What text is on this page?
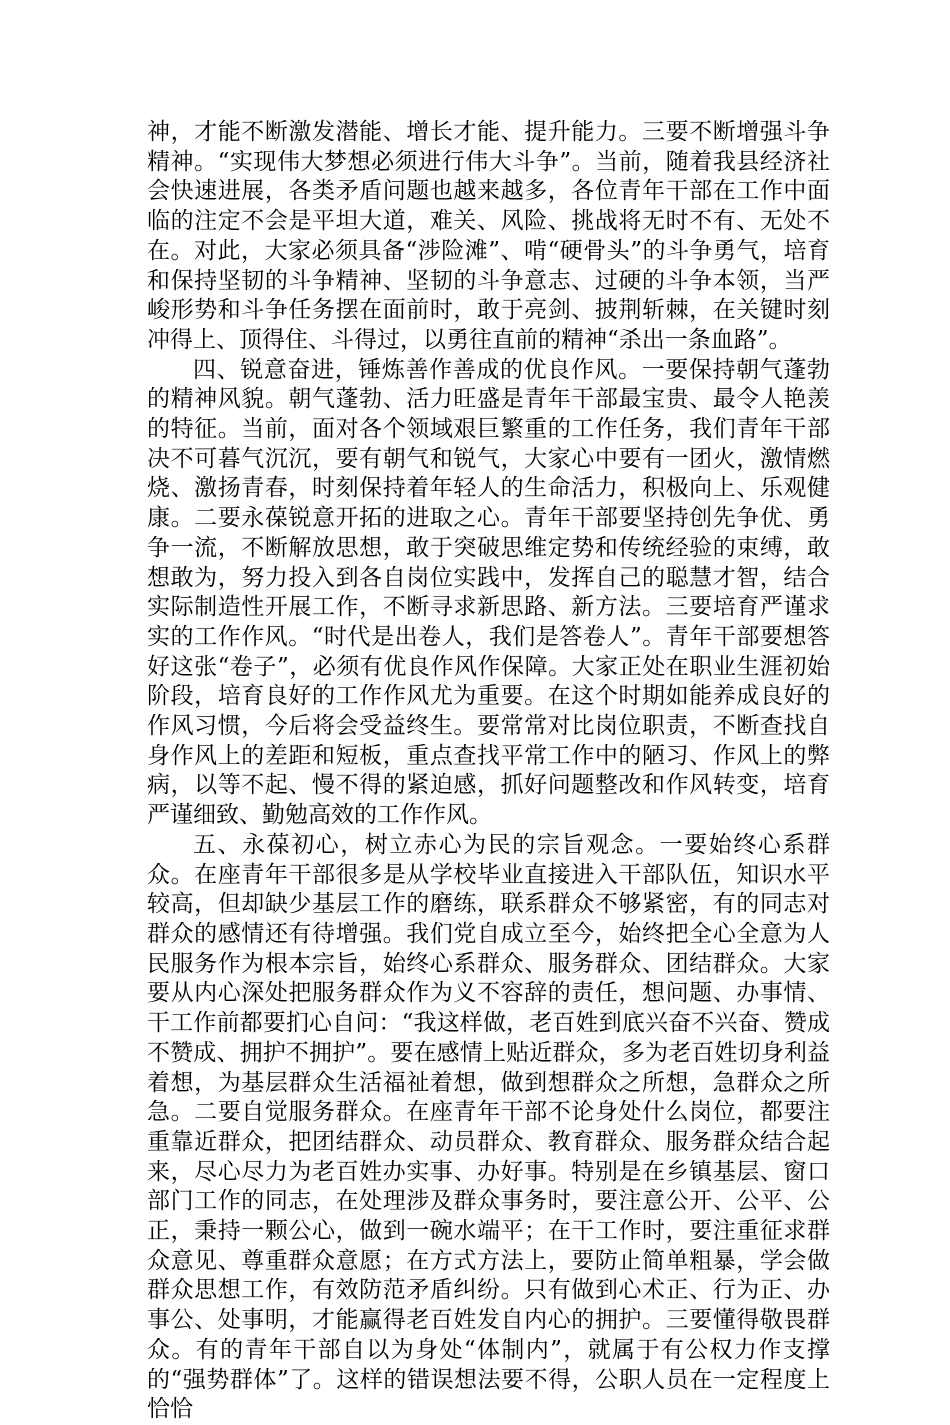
神，才能不断激发潜能、增长才能、提升能力。三要不断增强斗争精神。“实现伟大梦想必须进行伟大斗争”。当前，随着我县经济社会快速进展，各类矛盾问题也越来越多，各位青年干部在工作中面临的注定不会是平坦大道，难关、风险、挑战将无时不有、无处不在。对此，大家必须具备“涉险滩”、啃“硬骨头”的斗争勇气，培育和保持坚韧的斗争精神、坚韧的斗争意志、过硬的斗争本领，当严峻形势和斗争任务摆在面前时，敢于亮剑、披荆斩棘，在关键时刻冲得上、顶得住、斗得过，以勇往直前的精神“杀出一条血路”。

四、锐意奋进，锤炼善作善成的优良作风。一要保持朝气蓬勃的精神风貌。朝气蓬勃、活力旺盛是青年干部最宝贵、最令人艳羡的特征。当前，面对各个领域艰巨繁重的工作任务，我们青年干部决不可暮气沉沉，要有朝气和锐气，大家心中要有一团火，激情燃烧、激扬青春，时刻保持着年轻人的生命活力，积极向上、乐观健康。二要永葆锐意开拓的进取之心。青年干部要坚持创先争优、勇争一流，不断解放思想，敢于突破思维定势和传统经验的束缚，敢想敢为，努力投入到各自岗位实践中，发挥自己的聪慧才智，结合实际制造性开展工作，不断寻求新思路、新方法。三要培育严谨求实的工作作风。“时代是出卷人，我们是答卷人”。青年干部要想答好这张“卷子”，必须有优良作风作保障。大家正处在职业生涯初始阶段，培育良好的工作作风尤为重要。在这个时期如能养成良好的作风习惯，今后将会受益终生。要常常对比岗位职责，不断查找自身作风上的差距和短板，重点查找平常工作中的陋习、作风上的弊病，以等不起、慢不得的紧迫感，抓好问题整改和作风转变，培育严谨细致、勤勉高效的工作作风。

五、永葆初心，树立赤心为民的宗旨观念。一要始终心系群众。在座青年干部很多是从学校毕业直接进入干部队伍，知识水平较高，但却缺少基层工作的磨练，联系群众不够紧密，有的同志对群众的感情还有待增强。我们党自成立至今，始终把全心全意为人民服务作为根本宗旨，始终心系群众、服务群众、团结群众。大家要从内心深处把服务群众作为义不容辞的责任，想问题、办事情、干工作前都要扪心自问：“我这样做，老百姓到底兴奋不兴奋、赞成不赞成、拥护不拥护”。要在感情上贴近群众，多为老百姓切身利益着想，为基层群众生活福祉着想，做到想群众之所想，急群众之所急。二要自觉服务群众。在座青年干部不论身处什么岗位，都要注重靠近群众，把团结群众、动员群众、教育群众、服务群众结合起来，尽心尽力为老百姓办实事、办好事。特别是在乡镇基层、窗口部门工作的同志，在处理涉及群众事务时，要注意公开、公平、公正，秉持一颗公心，做到一碗水端平；在干工作时，要注重征求群众意见、尊重群众意愿；在方式方法上，要防止简单粗暴，学会做群众思想工作，有效防范矛盾纠纷。只有做到心术正、行为正、办事公、处事明，才能赢得老百姓发自内心的拥护。三要懂得敬畏群众。有的青年干部自以为身处“体制内”，就属于有公权力作支撑的“强势群体”了。这样的错误想法要不得，公职人员在一定程度上恰恰
